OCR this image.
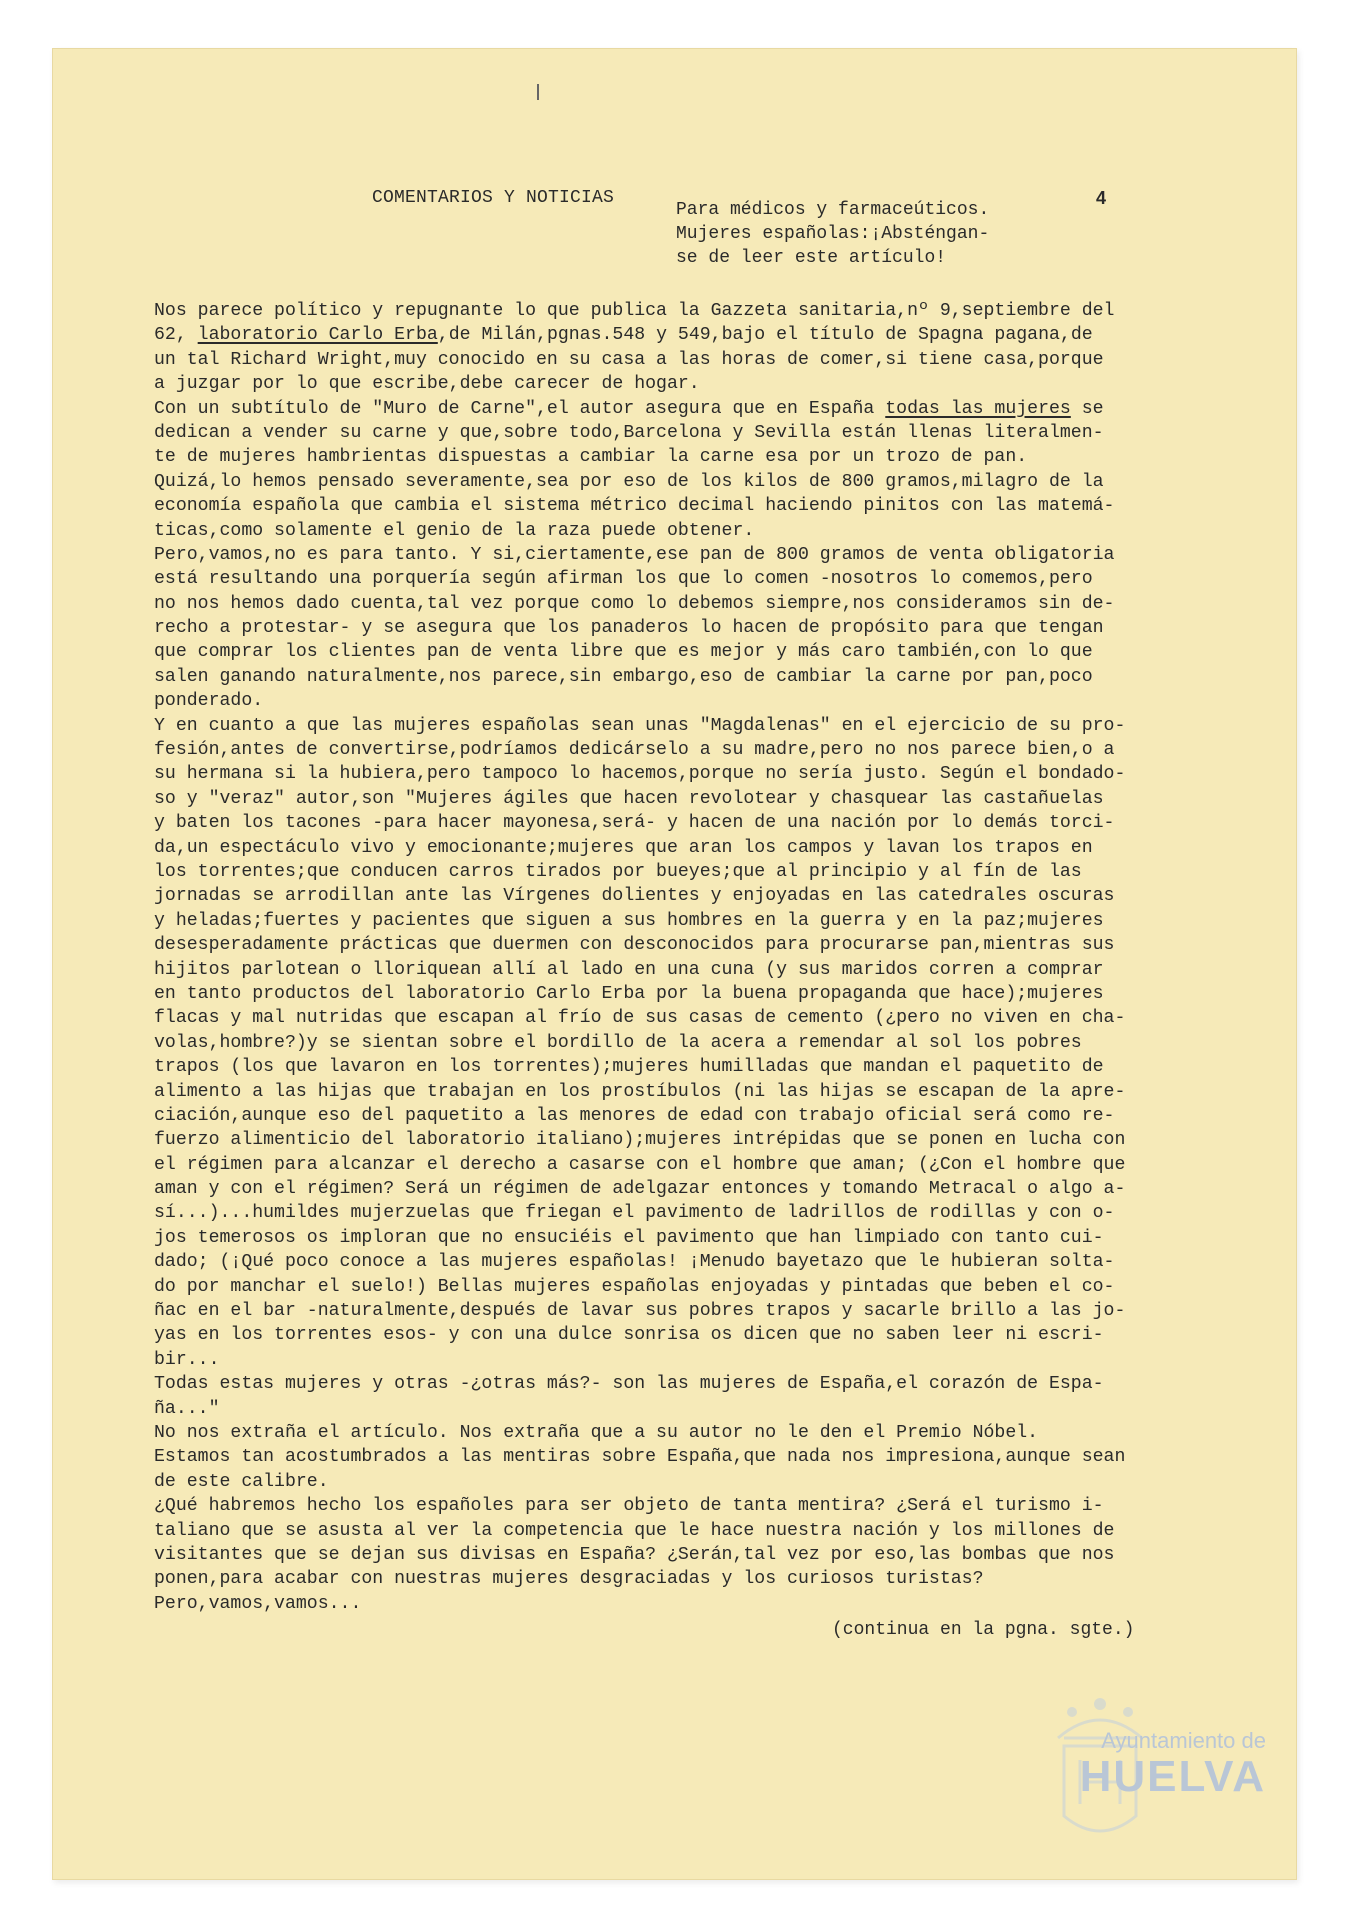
COMENTARIOS Y NOTICIAS
Para médicos y farmaceúticos.
Mujeres españolas:¡Absténgan-
se de leer este artículo!
4
Nos parece político y repugnante lo que publica la Gazzeta sanitaria,nº 9,septiembre del
62, laboratorio Carlo Erba,de Milán,pgnas.548 y 549,bajo el título de Spagna pagana,de
un tal Richard Wright,muy conocido en su casa a las horas de comer,si tiene casa,porque
a juzgar por lo que escribe,debe carecer de hogar.
Con un subtítulo de "Muro de Carne",el autor asegura que en España todas las mujeres se
dedican a vender su carne y que,sobre todo,Barcelona y Sevilla están llenas literalmen-
te de mujeres hambrientas dispuestas a cambiar la carne esa por un trozo de pan.
Quizá,lo hemos pensado severamente,sea por eso de los kilos de 800 gramos,milagro de la
economía española que cambia el sistema métrico decimal haciendo pinitos con las matemá-
ticas,como solamente el genio de la raza puede obtener.
Pero,vamos,no es para tanto. Y si,ciertamente,ese pan de 800 gramos de venta obligatoria
está resultando una porquería según afirman los que lo comen -nosotros lo comemos,pero
no nos hemos dado cuenta,tal vez porque como lo debemos siempre,nos consideramos sin de-
recho a protestar- y se asegura que los panaderos lo hacen de propósito para que tengan
que comprar los clientes pan de venta libre que es mejor y más caro también,con lo que
salen ganando naturalmente,nos parece,sin embargo,eso de cambiar la carne por pan,poco
ponderado.
Y en cuanto a que las mujeres españolas sean unas "Magdalenas" en el ejercicio de su pro-
fesión,antes de convertirse,podríamos dedicárselo a su madre,pero no nos parece bien,o a
su hermana si la hubiera,pero tampoco lo hacemos,porque no sería justo. Según el bondado-
so y "veraz" autor,son "Mujeres ágiles que hacen revolotear y chasquear las castañuelas
y baten los tacones -para hacer mayonesa,será- y hacen de una nación por lo demás torci-
da,un espectáculo vivo y emocionante;mujeres que aran los campos y lavan los trapos en
los torrentes;que conducen carros tirados por bueyes;que al principio y al fín de las
jornadas se arrodillan ante las Vírgenes dolientes y enjoyadas en las catedrales oscuras
y heladas;fuertes y pacientes que siguen a sus hombres en la guerra y en la paz;mujeres
desesperadamente prácticas que duermen con desconocidos para procurarse pan,mientras sus
hijitos parlotean o lloriquean allí al lado en una cuna (y sus maridos corren a comprar
en tanto productos del laboratorio Carlo Erba por la buena propaganda que hace);mujeres
flacas y mal nutridas que escapan al frío de sus casas de cemento (¿pero no viven en cha-
volas,hombre?)y se sientan sobre el bordillo de la acera a remendar al sol los pobres
trapos (los que lavaron en los torrentes);mujeres humilladas que mandan el paquetito de
alimento a las hijas que trabajan en los prostíbulos (ni las hijas se escapan de la apre-
ciación,aunque eso del paquetito a las menores de edad con trabajo oficial será como re-
fuerzo alimenticio del laboratorio italiano);mujeres intrépidas que se ponen en lucha con
el régimen para alcanzar el derecho a casarse con el hombre que aman; (¿Con el hombre que
aman y con el régimen? Será un régimen de adelgazar entonces y tomando Metracal o algo a-
sí...)...humildes mujerzuelas que friegan el pavimento de ladrillos de rodillas y con o-
jos temerosos os imploran que no ensuciéis el pavimento que han limpiado con tanto cui-
dado; (¡Qué poco conoce a las mujeres españolas! ¡Menudo bayetazo que le hubieran solta-
do por manchar el suelo!) Bellas mujeres españolas enjoyadas y pintadas que beben el co-
ñac en el bar -naturalmente,después de lavar sus pobres trapos y sacarle brillo a las jo-
yas en los torrentes esos- y con una dulce sonrisa os dicen que no saben leer ni escri-
bir...
Todas estas mujeres y otras -¿otras más?- son las mujeres de España,el corazón de Espa-
ña..."
No nos extraña el artículo. Nos extraña que a su autor no le den el Premio Nóbel.
Estamos tan acostumbrados a las mentiras sobre España,que nada nos impresiona,aunque sean
de este calibre.
¿Qué habremos hecho los españoles para ser objeto de tanta mentira? ¿Será el turismo i-
taliano que se asusta al ver la competencia que le hace nuestra nación y los millones de
visitantes que se dejan sus divisas en España? ¿Serán,tal vez por eso,las bombas que nos
ponen,para acabar con nuestras mujeres desgraciadas y los curiosos turistas?
Pero,vamos,vamos...
(continua en la pgna. sgte.)
Ayuntamiento de
HUELVA
